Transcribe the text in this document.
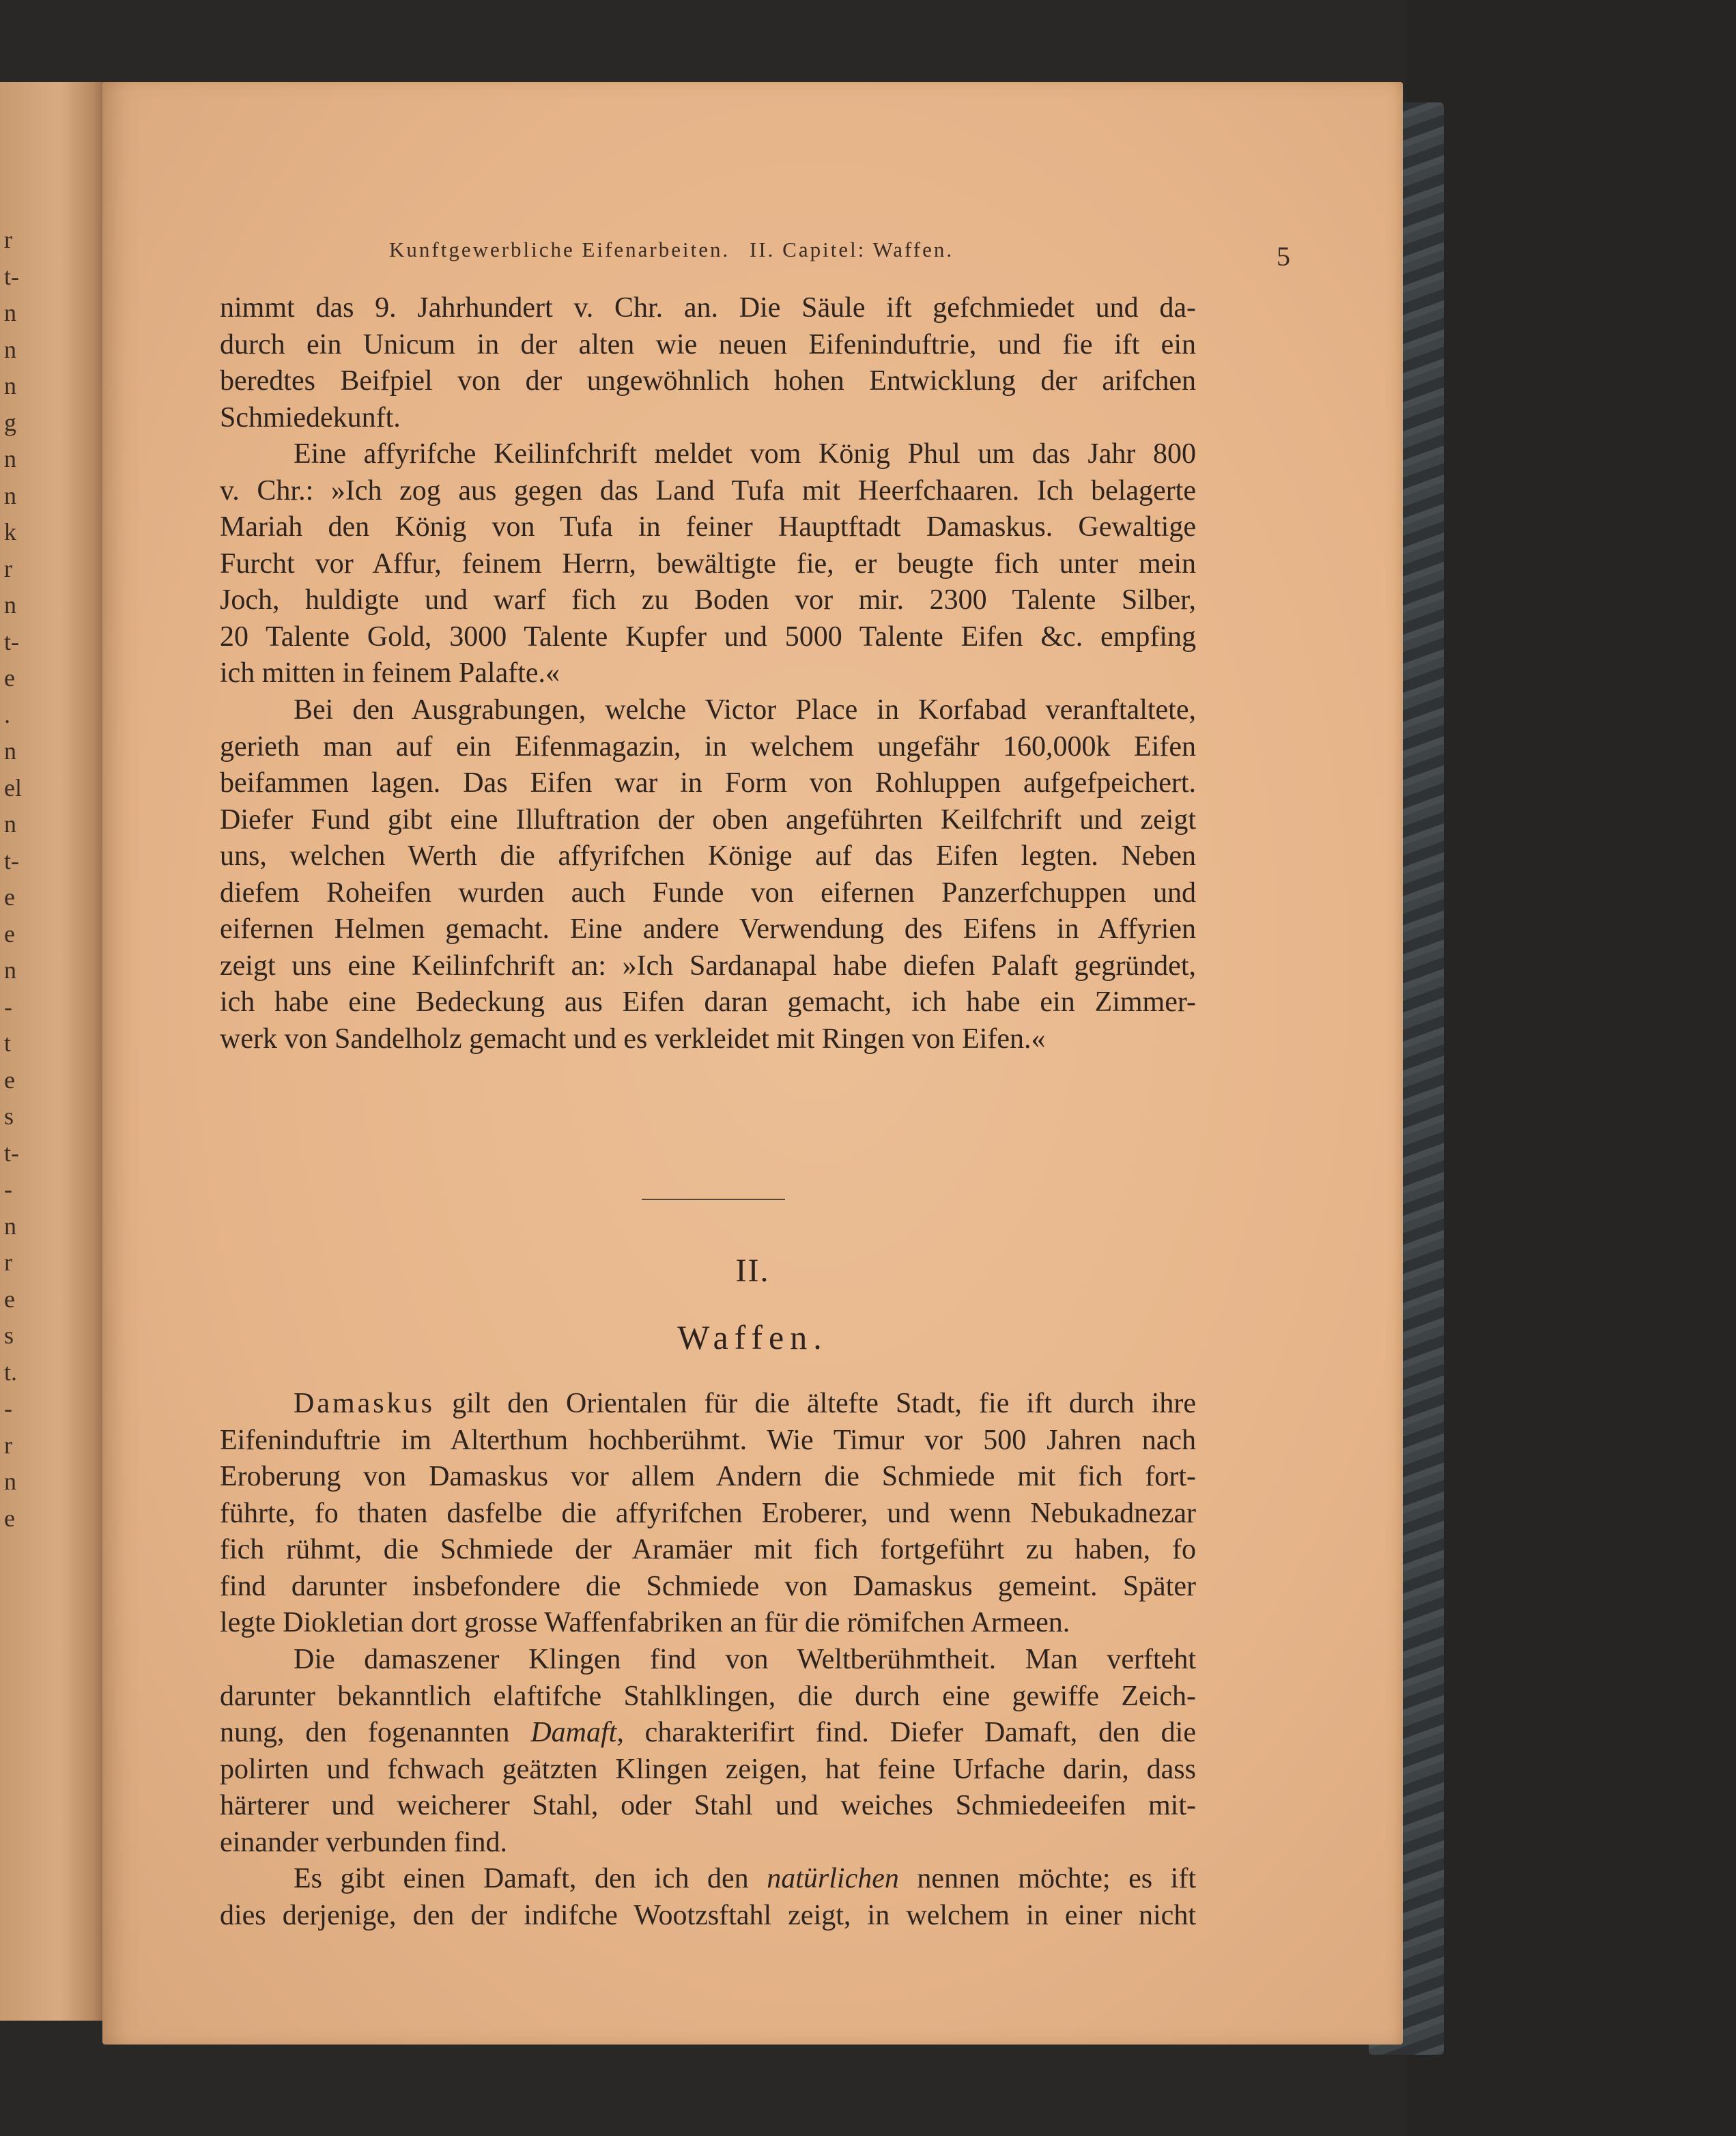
r
t-
n
n
n
g
n
n
k
r
n
t-
e
.
n
el
n
t-
e
e
n
-
t
e
s
t-
-
n
r
e
s
t.
-
r
n
e
Kunftgewerbliche Eifenarbeiten. II. Capitel: Waffen.	5
nimmt das 9. Jahrhundert v. Chr. an. Die Säule ift gefchmiedet und da-
durch ein Unicum in der alten wie neuen Eifeninduftrie, und fie ift ein
beredtes Beifpiel von der ungewöhnlich hohen Entwicklung der arifchen
Schmiedekunft.
Eine affyrifche Keilinfchrift meldet vom König Phul um das Jahr 800
v. Chr.: »Ich zog aus gegen das Land Tufa mit Heerfchaaren. Ich belagerte
Mariah den König von Tufa in feiner Hauptftadt Damaskus. Gewaltige
Furcht vor Affur, feinem Herrn, bewältigte fie, er beugte fich unter mein
Joch, huldigte und warf fich zu Boden vor mir. 2300 Talente Silber,
20 Talente Gold, 3000 Talente Kupfer und 5000 Talente Eifen &c. empfing
ich mitten in feinem Palafte.«
Bei den Ausgrabungen, welche Victor Place in Korfabad veranftaltete,
gerieth man auf ein Eifenmagazin, in welchem ungefähr 160,000k Eifen
beifammen lagen. Das Eifen war in Form von Rohluppen aufgefpeichert.
Diefer Fund gibt eine Illuftration der oben angeführten Keilfchrift und zeigt
uns, welchen Werth die affyrifchen Könige auf das Eifen legten. Neben
diefem Roheifen wurden auch Funde von eifernen Panzerfchuppen und
eifernen Helmen gemacht. Eine andere Verwendung des Eifens in Affyrien
zeigt uns eine Keilinfchrift an: »Ich Sardanapal habe diefen Palaft gegründet,
ich habe eine Bedeckung aus Eifen daran gemacht, ich habe ein Zimmer-
werk von Sandelholz gemacht und es verkleidet mit Ringen von Eifen.«
II.
Waffen.
Damaskus gilt den Orientalen für die ältefte Stadt, fie ift durch ihre
Eifeninduftrie im Alterthum hochberühmt. Wie Timur vor 500 Jahren nach
Eroberung von Damaskus vor allem Andern die Schmiede mit fich fort-
führte, fo thaten dasfelbe die affyrifchen Eroberer, und wenn Nebukadnezar
fich rühmt, die Schmiede der Aramäer mit fich fortgeführt zu haben, fo
find darunter insbefondere die Schmiede von Damaskus gemeint. Später
legte Diokletian dort grosse Waffenfabriken an für die römifchen Armeen.
Die damaszener Klingen find von Weltberühmtheit. Man verfteht
darunter bekanntlich elaftifche Stahlklingen, die durch eine gewiffe Zeich-
nung, den fogenannten Damaft, charakterifirt find. Diefer Damaft, den die
polirten und fchwach geätzten Klingen zeigen, hat feine Urfache darin, dass
härterer und weicherer Stahl, oder Stahl und weiches Schmiedeeifen mit-
einander verbunden find.
Es gibt einen Damaft, den ich den natürlichen nennen möchte; es ift
dies derjenige, den der indifche Wootzsftahl zeigt, in welchem in einer nicht
